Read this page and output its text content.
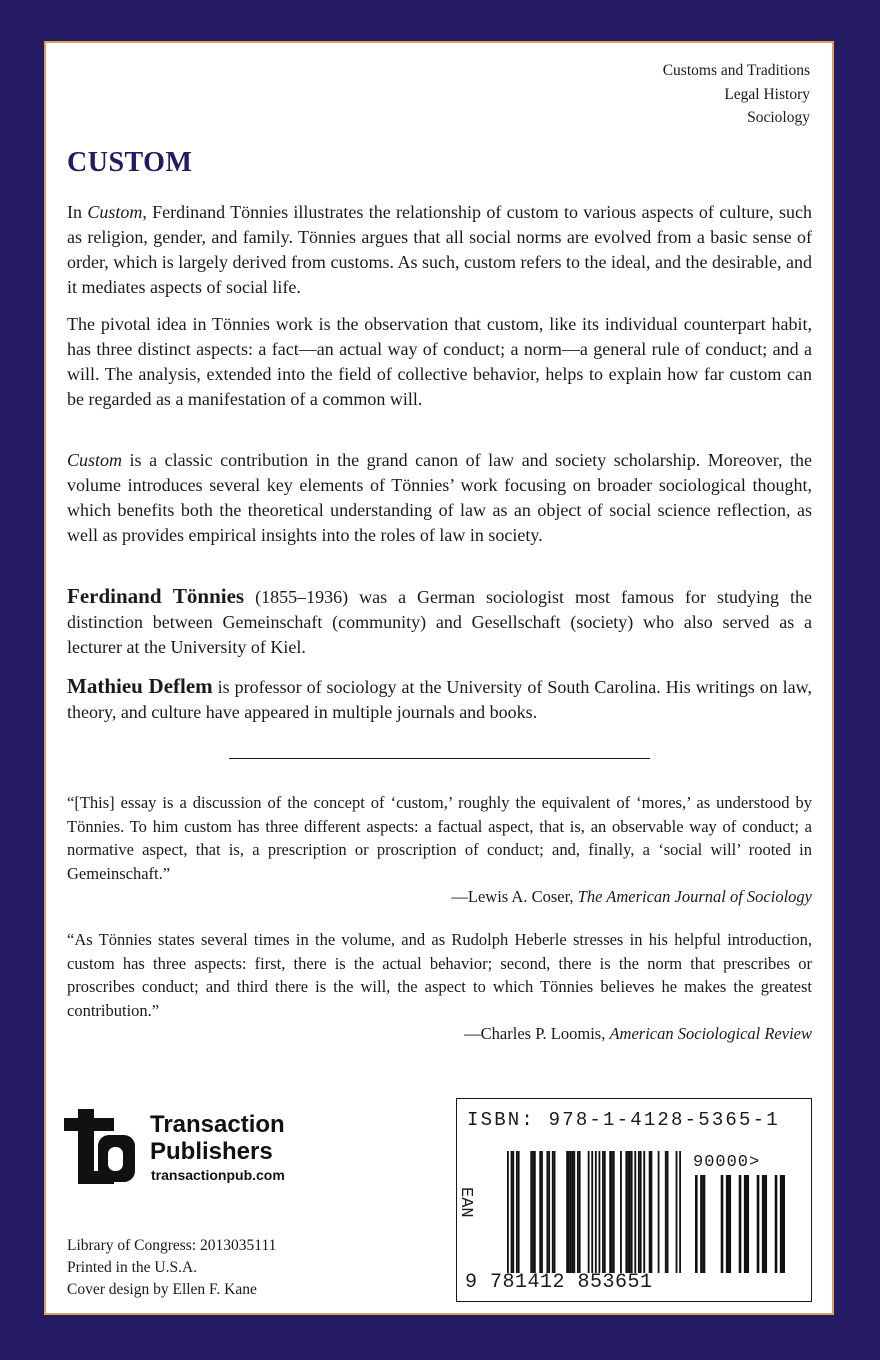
Customs and Traditions
Legal History
Sociology
CUSTOM

In Custom, Ferdinand Tönnies illustrates the relationship of custom to various aspects of culture, such as religion, gender, and family. Tönnies argues that all social norms are evolved from a basic sense of order, which is largely derived from customs. As such, custom refers to the ideal, and the desirable, and it mediates aspects of social life.

The pivotal idea in Tönnies work is the observation that custom, like its individual counterpart habit, has three distinct aspects: a fact—an actual way of conduct; a norm—a general rule of conduct; and a will. The analysis, extended into the field of collective behavior, helps to explain how far custom can be regarded as a manifestation of a common will.

Custom is a classic contribution in the grand canon of law and society scholarship. Moreover, the volume introduces several key elements of Tönnies’ work focusing on broader sociological thought, which benefits both the theoretical understanding of law as an object of social science reflection, as well as provides empirical insights into the roles of law in society.

Ferdinand Tönnies (1855–1936) was a German sociologist most famous for studying the distinction between Gemeinschaft (community) and Gesellschaft (society) who also served as a lecturer at the University of Kiel.

Mathieu Deflem is professor of sociology at the University of South Carolina. His writings on law, theory, and culture have appeared in multiple journals and books.

“[This] essay is a discussion of the concept of ‘custom,’ roughly the equivalent of ‘mores,’ as understood by Tönnies. To him custom has three different aspects: a factual aspect, that is, an observable way of conduct; a normative aspect, that is, a prescription or proscription of conduct; and, finally, a ‘social will’ rooted in Gemeinschaft.”

—Lewis A. Coser, The American Journal of Sociology

“As Tönnies states several times in the volume, and as Rudolph Heberle stresses in his helpful introduction, custom has three aspects: first, there is the actual behavior; second, there is the norm that prescribes or proscribes conduct; and third there is the will, the aspect to which Tönnies believes he makes the greatest contribution.”

—Charles P. Loomis, American Sociological Review
Transaction
Publishers
transactionpub.com
Library of Congress: 2013035111
Printed in the U.S.A.
Cover design by Ellen F. Kane
ISBN: 978-1-4128-5365-1
EAN
90000>
9 781412 853651
